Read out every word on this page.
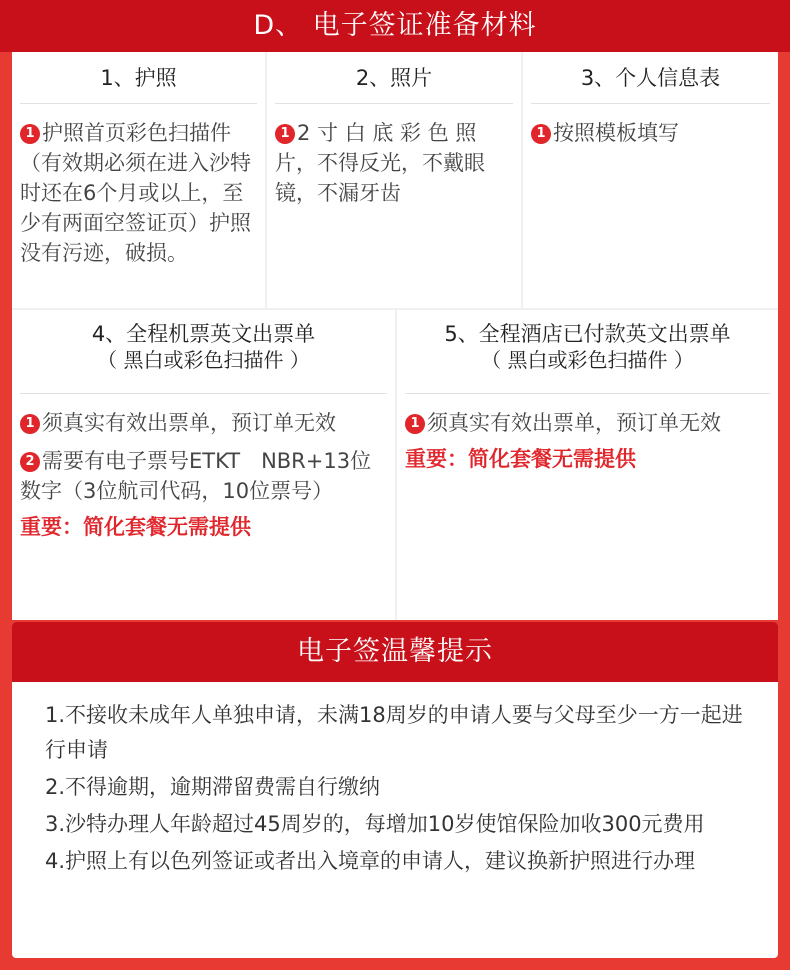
D、 电子签证准备材料
1、护照

1 护照首页彩色扫描件（有效期必须在进入沙特时还在6个月或以上，至少有两面空签证页）护照没有污迹，破损。

2、照片

1 2 寸 白 底 彩 色 照片，不得反光，不戴眼镜，不漏牙齿

3、个人信息表

1 按照模板填写

4、全程机票英文出票单
（ 黑白或彩色扫描件 ）

1 须真实有效出票单，预订单无效

2 需要有电子票号ETKT　NBR+13位数字（3位航司代码，10位票号）

重要：简化套餐无需提供
5、全程酒店已付款英文出票单
（ 黑白或彩色扫描件 ）

1 须真实有效出票单，预订单无效

重要：简化套餐无需提供
电子签温馨提示

1.不接收未成年人单独申请，未满18周岁的申请人要与父母至少一方一起进行申请

2.不得逾期，逾期滞留费需自行缴纳

3.沙特办理人年龄超过45周岁的，每增加10岁使馆保险加收300元费用

4.护照上有以色列签证或者出入境章的申请人，建议换新护照进行办理
